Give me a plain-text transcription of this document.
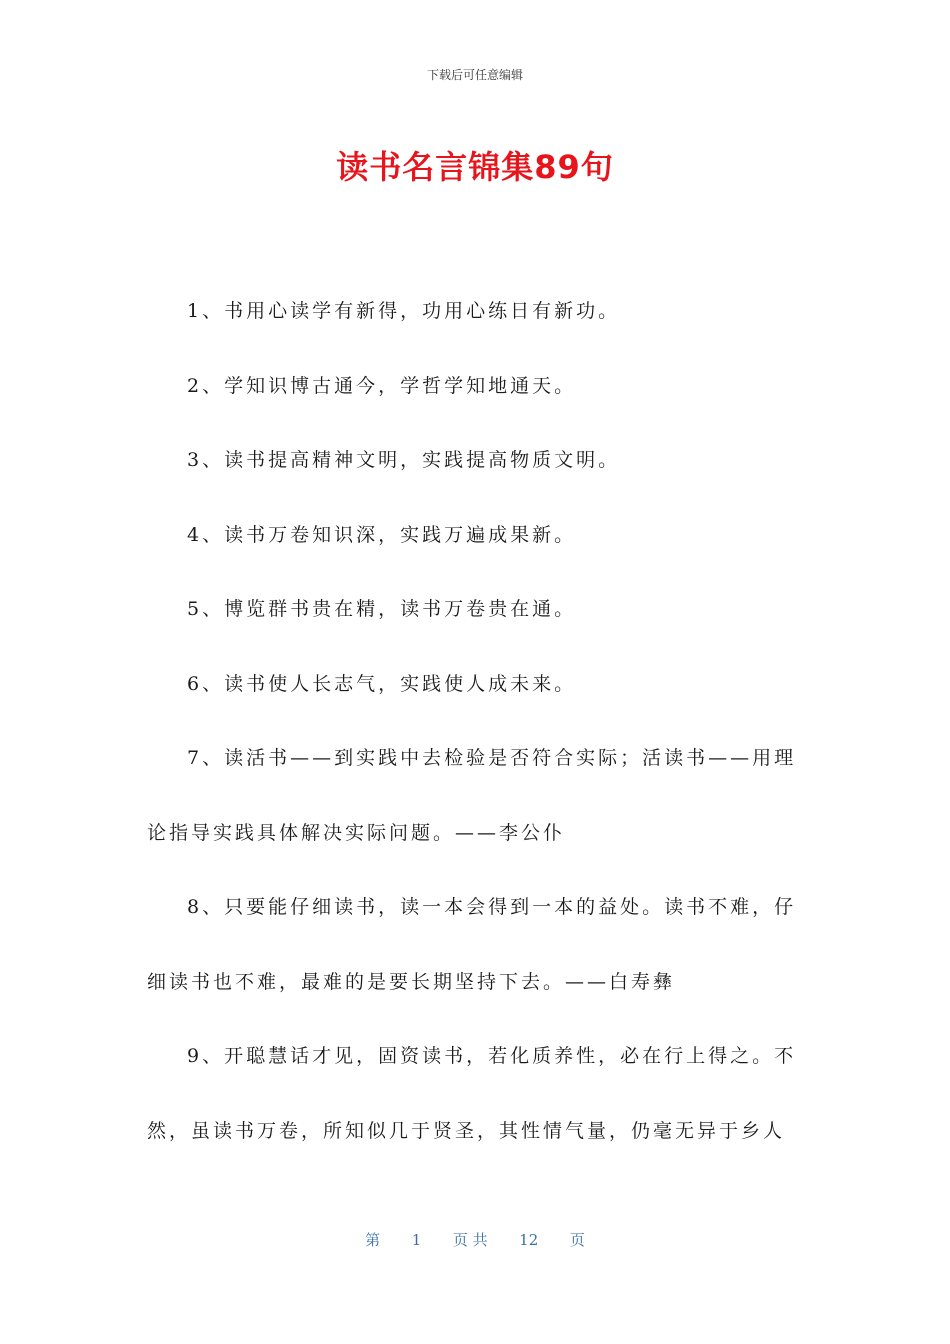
下载后可任意编辑
读书名言锦集89句

1、书用心读学有新得，功用心练日有新功。

2、学知识博古通今，学哲学知地通天。

3、读书提高精神文明，实践提高物质文明。

4、读书万卷知识深，实践万遍成果新。

5、博览群书贵在精，读书万卷贵在通。

6、读书使人长志气，实践使人成未来。

7、读活书——到实践中去检验是否符合实际；活读书——用理论指导实践具体解决实际问题。——李公仆

8、只要能仔细读书，读一本会得到一本的益处。读书不难，仔细读书也不难，最难的是要长期坚持下去。——白寿彝

9、开聪慧话才见，固资读书，若化质养性，必在行上得之。不然，虽读书万卷，所知似几于贤圣，其性情气量，仍毫无异于乡人

第 1 页 共 12 页
